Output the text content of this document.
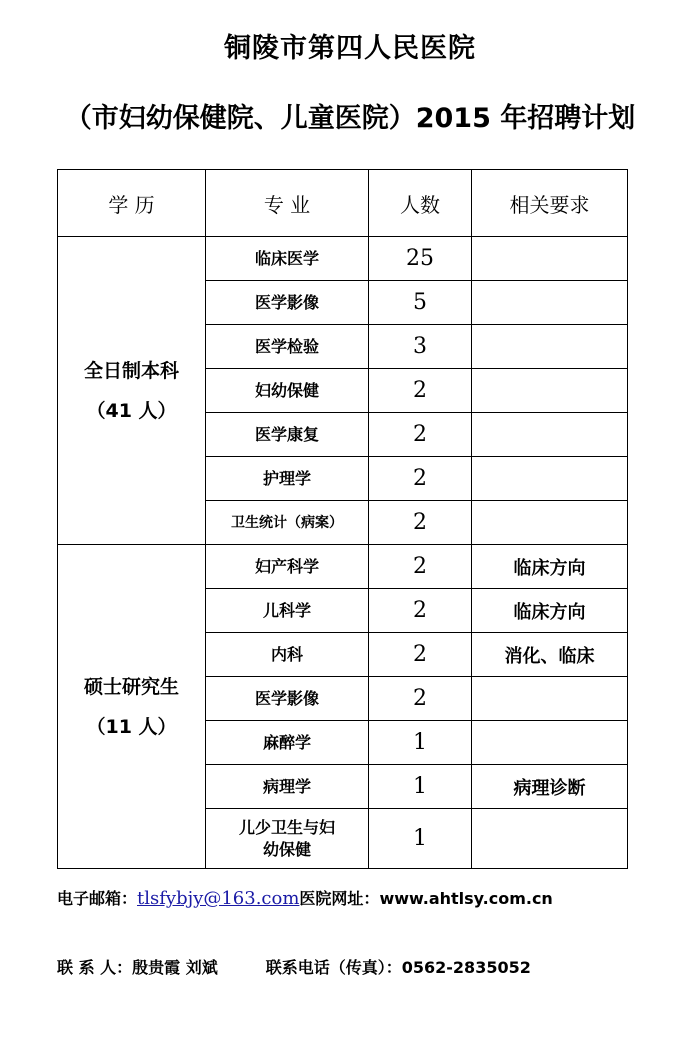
铜陵市第四人民医院
（市妇幼保健院、儿童医院）2015 年招聘计划
学 历	专 业	人数	相关要求

全日制本科
（41 人）	临床医学	25	
	医学影像	5	
	医学检验	3	
	妇幼保健	2	
	医学康复	2	
	护理学	2	
	卫生统计（病案）	2	

硕士研究生
（11 人）	妇产科学	2	临床方向
	儿科学	2	临床方向
	内科	2	消化、临床
	医学影像	2	
	麻醉学	1	
	病理学	1	病理诊断
	儿少卫生与妇幼保健	1	
电子邮箱：tlsfybjy@163.com医院网址：www.ahtlsy.com.cn
联 系 人：殷贵霞 刘斌	联系电话（传真）：0562-2835052
